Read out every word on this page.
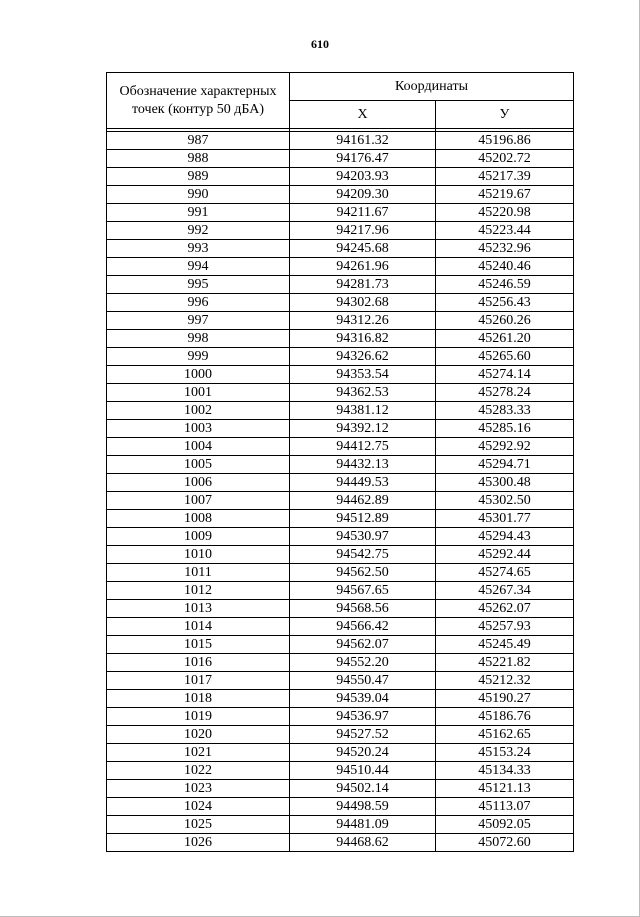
610
Обозначение характерных точек (контур 50 дБА)	Координаты	
	Х	У

987	94161.32	45196.86
988	94176.47	45202.72
989	94203.93	45217.39
990	94209.30	45219.67
991	94211.67	45220.98
992	94217.96	45223.44
993	94245.68	45232.96
994	94261.96	45240.46
995	94281.73	45246.59
996	94302.68	45256.43
997	94312.26	45260.26
998	94316.82	45261.20
999	94326.62	45265.60
1000	94353.54	45274.14
1001	94362.53	45278.24
1002	94381.12	45283.33
1003	94392.12	45285.16
1004	94412.75	45292.92
1005	94432.13	45294.71
1006	94449.53	45300.48
1007	94462.89	45302.50
1008	94512.89	45301.77
1009	94530.97	45294.43
1010	94542.75	45292.44
1011	94562.50	45274.65
1012	94567.65	45267.34
1013	94568.56	45262.07
1014	94566.42	45257.93
1015	94562.07	45245.49
1016	94552.20	45221.82
1017	94550.47	45212.32
1018	94539.04	45190.27
1019	94536.97	45186.76
1020	94527.52	45162.65
1021	94520.24	45153.24
1022	94510.44	45134.33
1023	94502.14	45121.13
1024	94498.59	45113.07
1025	94481.09	45092.05
1026	94468.62	45072.60
